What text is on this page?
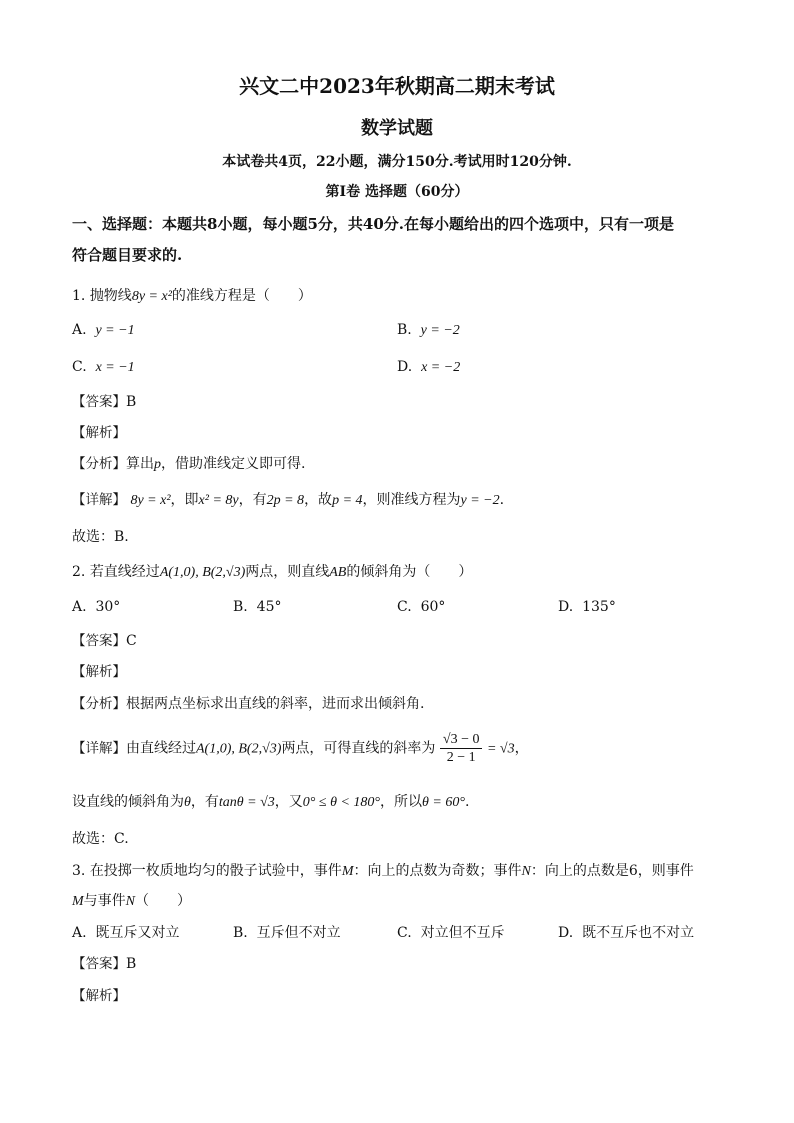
兴文二中2023年秋期高二期末考试
数学试题
本试卷共4页，22小题，满分150分.考试用时120分钟.
第Ⅰ卷 选择题（60分）
一、选择题：本题共8小题，每小题5分，共40分.在每小题给出的四个选项中，只有一项是
符合题目要求的.
1. 抛物线8y = x²的准线方程是（　　）
A. y = −1	B. y = −2
C. x = −1	D. x = −2
【答案】B
【解析】
【分析】算出p，借助准线定义即可得.
【详解】 8y = x²，即x² = 8y，有2p = 8，故p = 4，则准线方程为y = −2.
故选：B.
2. 若直线经过A(1,0), B(2,√3)两点，则直线AB的倾斜角为（　　）
A. 30°	B. 45°	C. 60°	D. 135°
【答案】C
【解析】
【分析】根据两点坐标求出直线的斜率，进而求出倾斜角.
【详解】由直线经过A(1,0), B(2,√3)两点，可得直线的斜率为 $\frac{√3 - 0}{2 - 1} = √3$，
设直线的倾斜角为θ，有tanθ = √3，又0° ≤ θ < 180°，所以θ = 60°.
故选：C.
3. 在投掷一枚质地均匀的骰子试验中，事件M：向上的点数为奇数；事件N：向上的点数是6，则事件
M与事件N（　　）
A. 既互斥又对立	B. 互斥但不对立	C. 对立但不互斥	D. 既不互斥也不对立
【答案】B
【解析】
